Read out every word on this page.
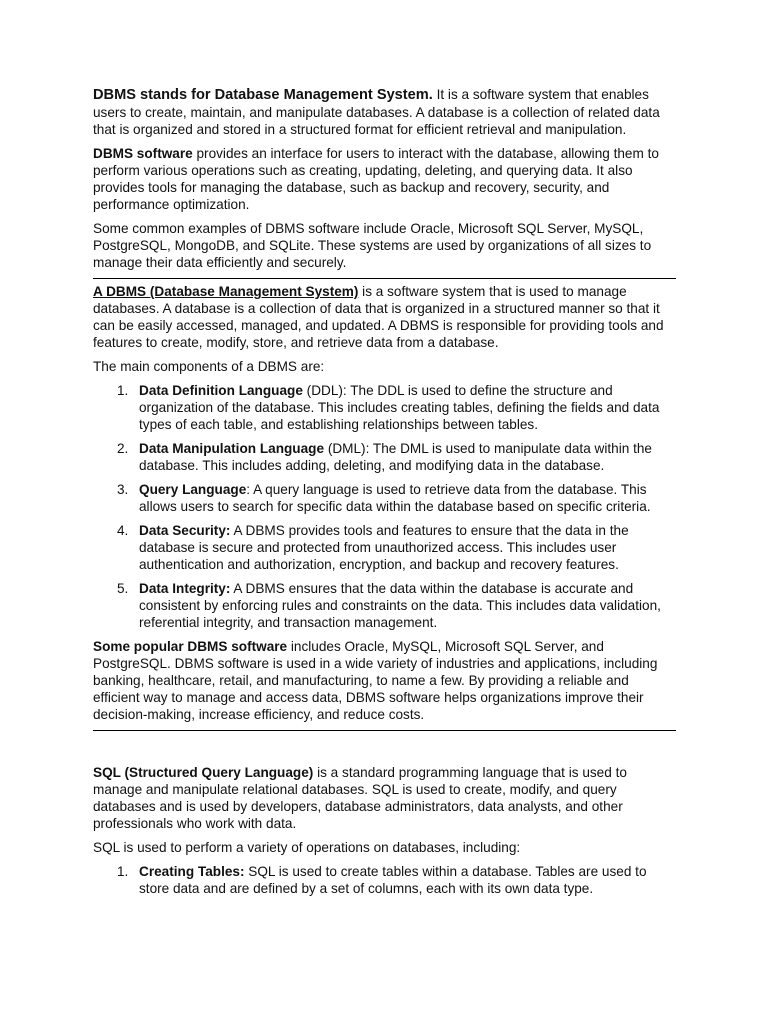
DBMS stands for Database Management System. It is a software system that enables users to create, maintain, and manipulate databases. A database is a collection of related data that is organized and stored in a structured format for efficient retrieval and manipulation.

DBMS software provides an interface for users to interact with the database, allowing them to perform various operations such as creating, updating, deleting, and querying data. It also provides tools for managing the database, such as backup and recovery, security, and performance optimization.

Some common examples of DBMS software include Oracle, Microsoft SQL Server, MySQL, PostgreSQL, MongoDB, and SQLite. These systems are used by organizations of all sizes to manage their data efficiently and securely.

A DBMS (Database Management System) is a software system that is used to manage databases. A database is a collection of data that is organized in a structured manner so that it can be easily accessed, managed, and updated. A DBMS is responsible for providing tools and features to create, modify, store, and retrieve data from a database.

The main components of a DBMS are:

1. Data Definition Language (DDL): The DDL is used to define the structure and organization of the database. This includes creating tables, defining the fields and data types of each table, and establishing relationships between tables.
2. Data Manipulation Language (DML): The DML is used to manipulate data within the database. This includes adding, deleting, and modifying data in the database.
3. Query Language: A query language is used to retrieve data from the database. This allows users to search for specific data within the database based on specific criteria.
4. Data Security: A DBMS provides tools and features to ensure that the data in the database is secure and protected from unauthorized access. This includes user authentication and authorization, encryption, and backup and recovery features.
5. Data Integrity: A DBMS ensures that the data within the database is accurate and consistent by enforcing rules and constraints on the data. This includes data validation, referential integrity, and transaction management.

Some popular DBMS software includes Oracle, MySQL, Microsoft SQL Server, and PostgreSQL. DBMS software is used in a wide variety of industries and applications, including banking, healthcare, retail, and manufacturing, to name a few. By providing a reliable and efficient way to manage and access data, DBMS software helps organizations improve their decision-making, increase efficiency, and reduce costs.

SQL (Structured Query Language) is a standard programming language that is used to manage and manipulate relational databases. SQL is used to create, modify, and query databases and is used by developers, database administrators, data analysts, and other professionals who work with data.

SQL is used to perform a variety of operations on databases, including:

1. Creating Tables: SQL is used to create tables within a database. Tables are used to store data and are defined by a set of columns, each with its own data type.
